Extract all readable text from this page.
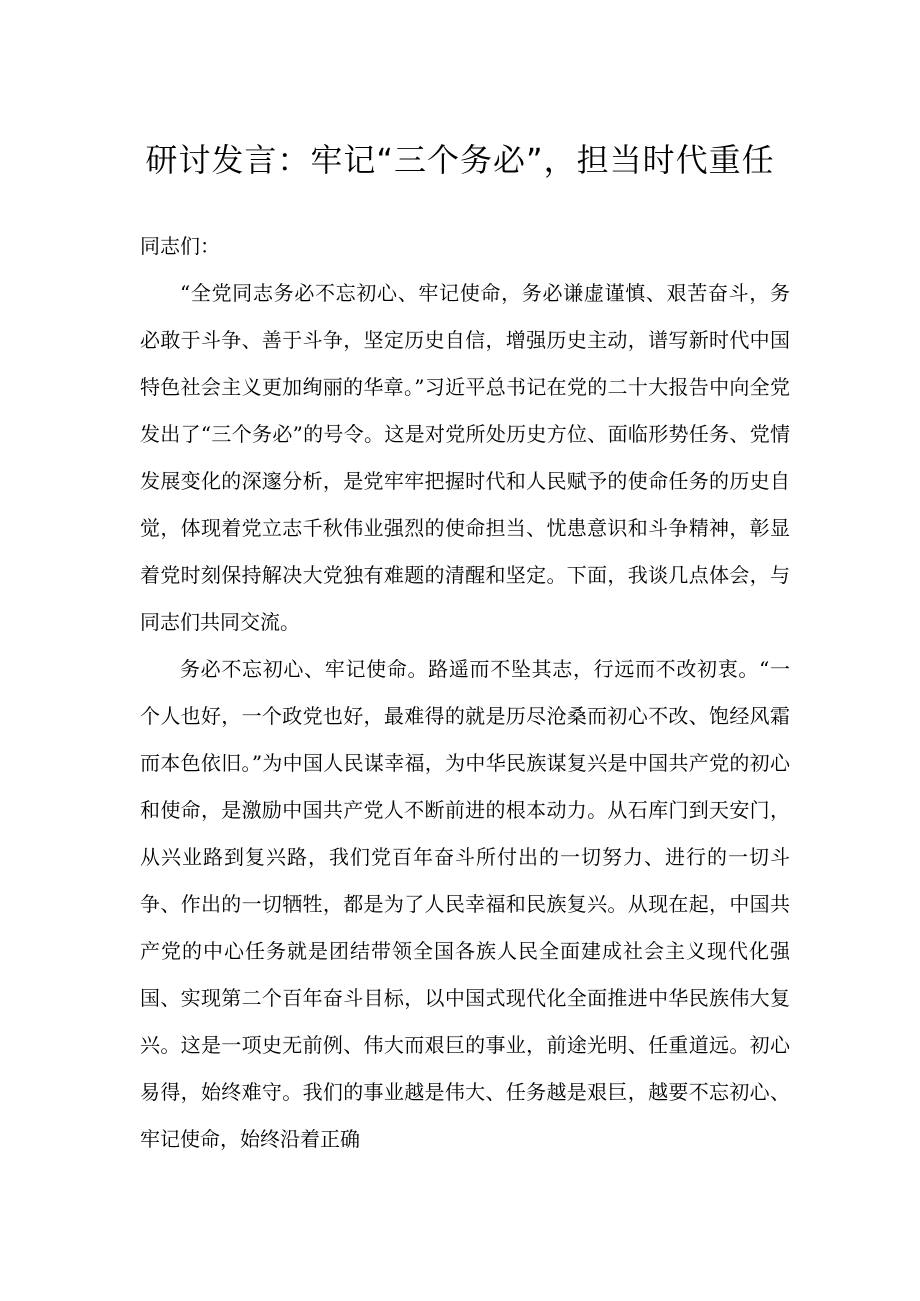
研讨发言：牢记“三个务必”，担当时代重任

同志们：

“全党同志务必不忘初心、牢记使命，务必谦虚谨慎、艰苦奋斗，务必敢于斗争、善于斗争，坚定历史自信，增强历史主动，谱写新时代中国特色社会主义更加绚丽的华章。”习近平总书记在党的二十大报告中向全党发出了“三个务必”的号令。这是对党所处历史方位、面临形势任务、党情发展变化的深邃分析，是党牢牢把握时代和人民赋予的使命任务的历史自觉，体现着党立志千秋伟业强烈的使命担当、忧患意识和斗争精神，彰显着党时刻保持解决大党独有难题的清醒和坚定。下面，我谈几点体会，与同志们共同交流。

务必不忘初心、牢记使命。路遥而不坠其志，行远而不改初衷。“一个人也好，一个政党也好，最难得的就是历尽沧桑而初心不改、饱经风霜而本色依旧。”为中国人民谋幸福，为中华民族谋复兴是中国共产党的初心和使命，是激励中国共产党人不断前进的根本动力。从石库门到天安门，从兴业路到复兴路，我们党百年奋斗所付出的一切努力、进行的一切斗争、作出的一切牺牲，都是为了人民幸福和民族复兴。从现在起，中国共产党的中心任务就是团结带领全国各族人民全面建成社会主义现代化强国、实现第二个百年奋斗目标，以中国式现代化全面推进中华民族伟大复兴。这是一项史无前例、伟大而艰巨的事业，前途光明、任重道远。初心易得，始终难守。我们的事业越是伟大、任务越是艰巨，越要不忘初心、牢记使命，始终沿着正确
